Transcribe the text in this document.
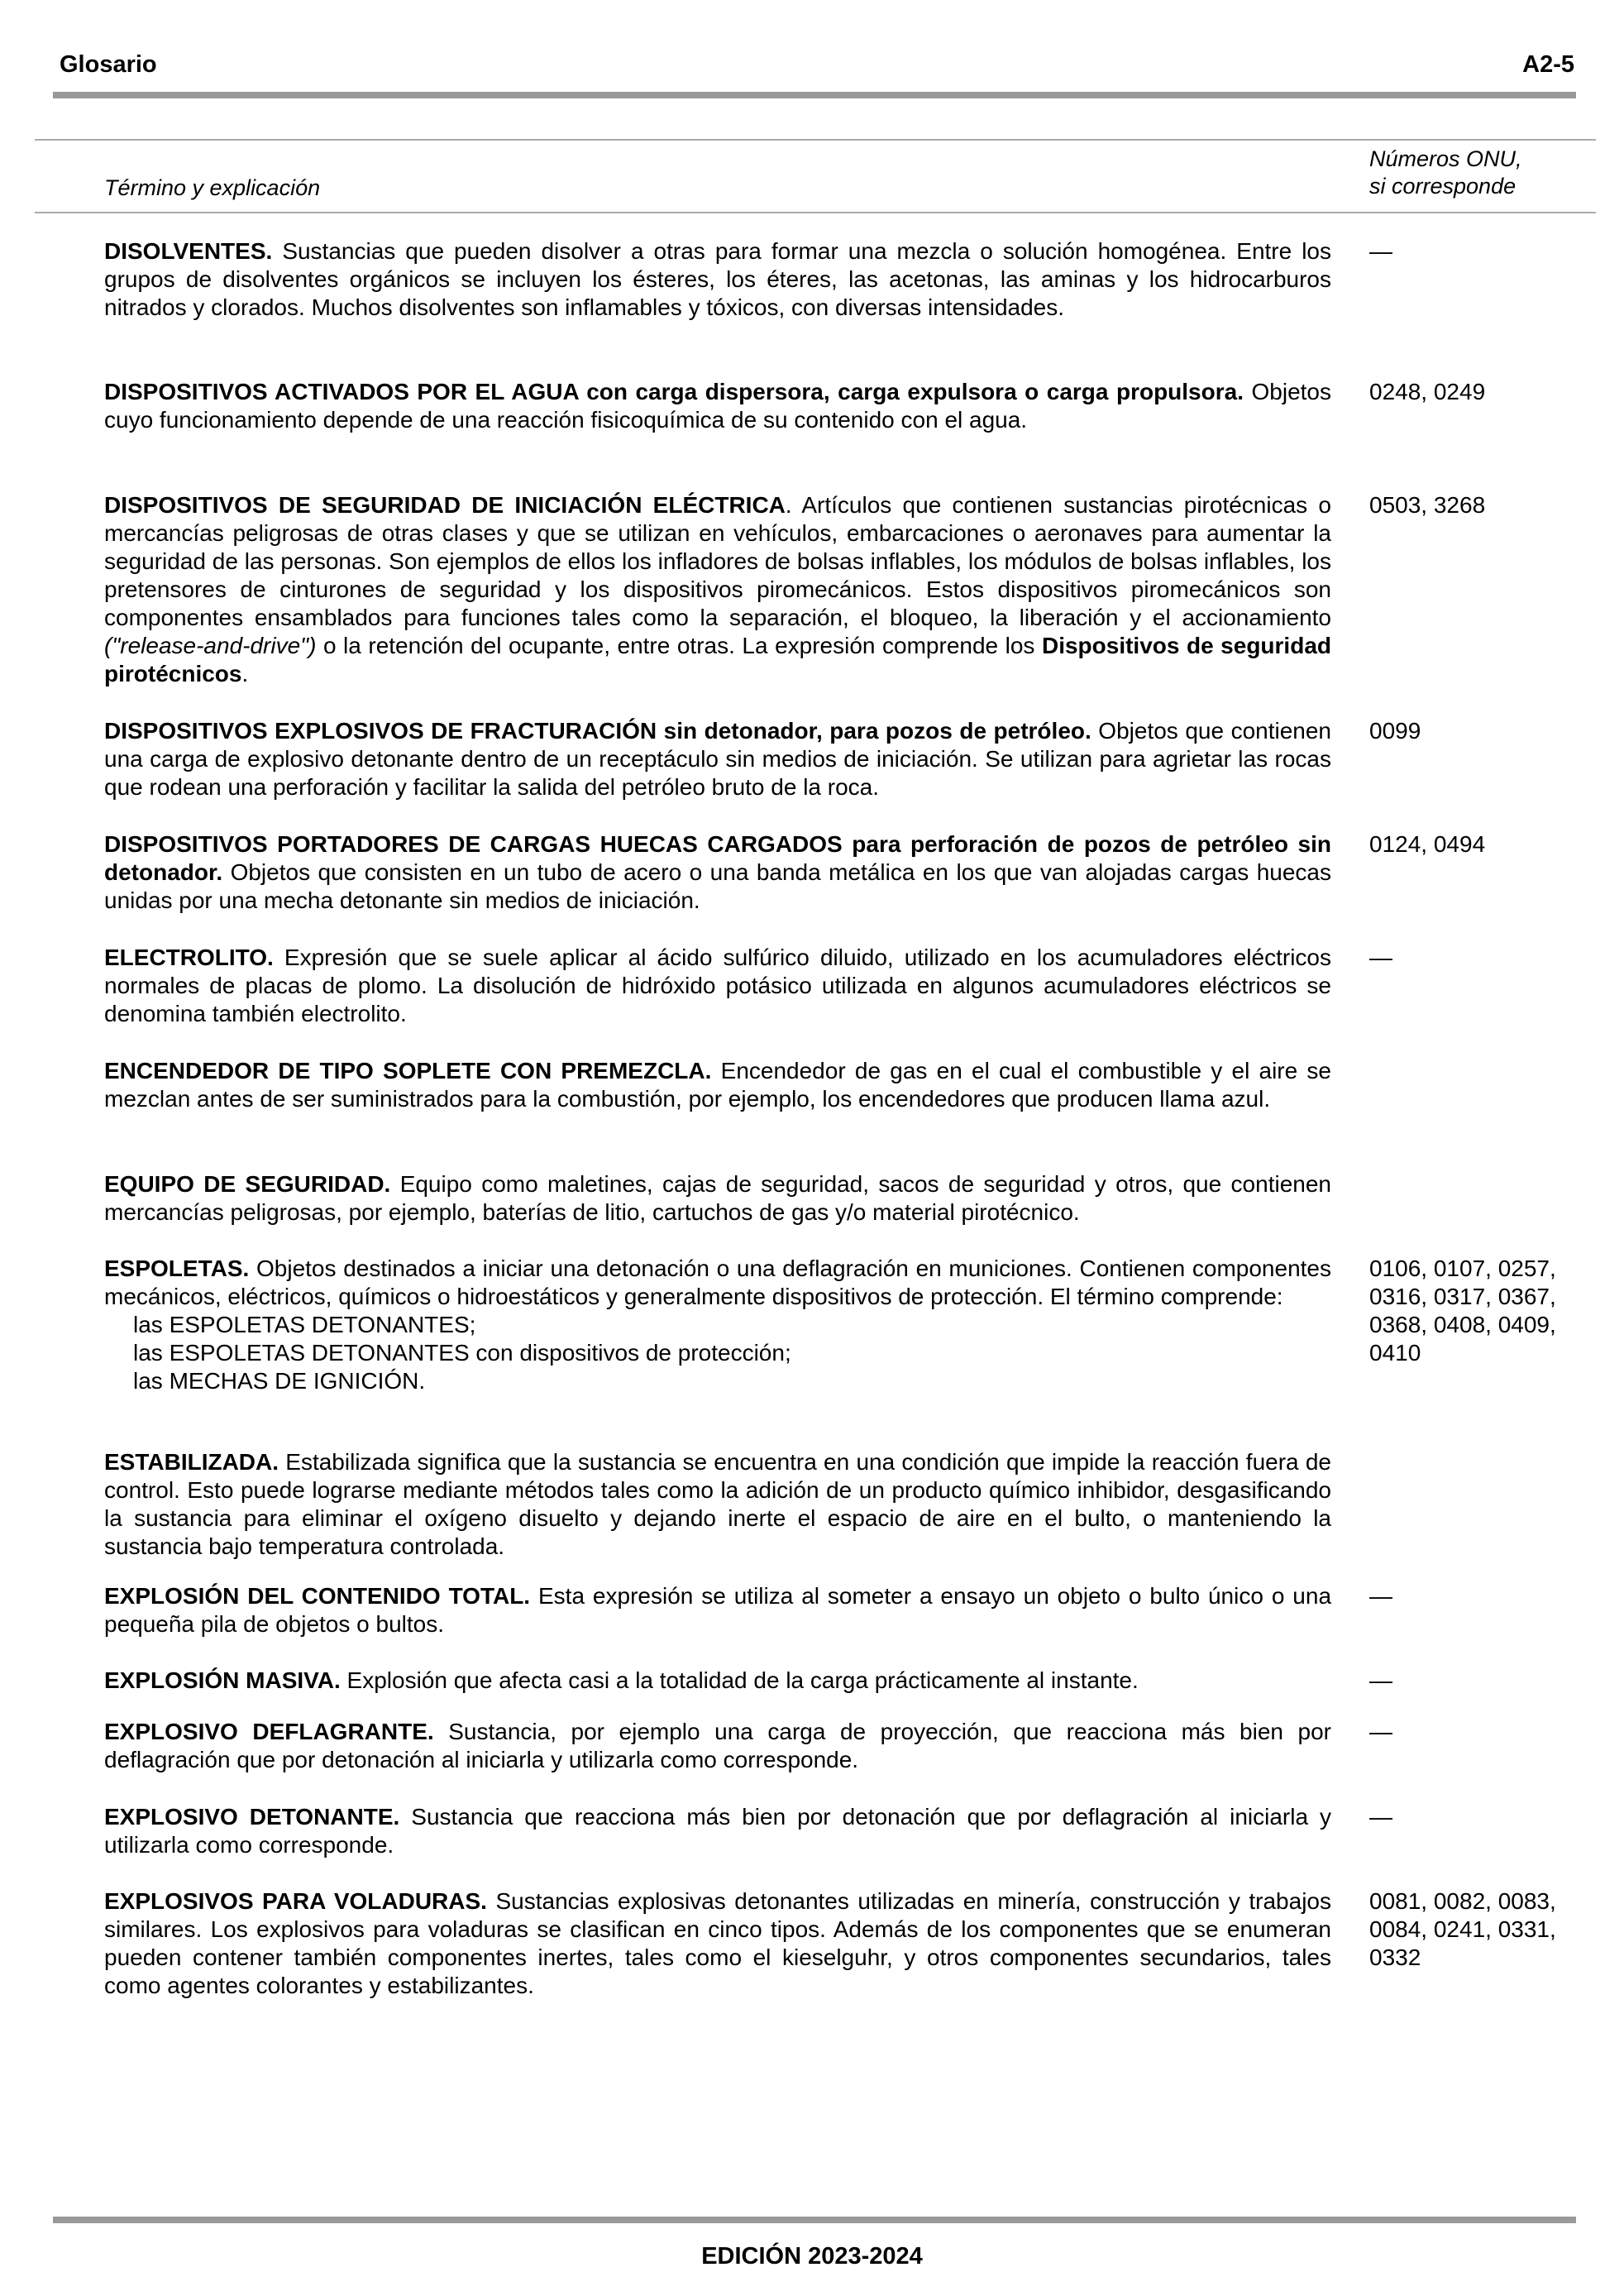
Glosario	A2-5
Término y explicación
Números ONU,
si corresponde
DISOLVENTES. Sustancias que pueden disolver a otras para formar una mezcla o solución homogénea. Entre los grupos de disolventes orgánicos se incluyen los ésteres, los éteres, las acetonas, las aminas y los hidrocarburos nitrados y clorados. Muchos disolventes son inflamables y tóxicos, con diversas intensidades.
—
DISPOSITIVOS ACTIVADOS POR EL AGUA con carga dispersora, carga expulsora o carga propulsora. Objetos cuyo funcionamiento depende de una reacción fisicoquímica de su contenido con el agua.
0248, 0249
DISPOSITIVOS DE SEGURIDAD DE INICIACIÓN ELÉCTRICA. Artículos que contienen sustancias pirotécnicas o mercancías peligrosas de otras clases y que se utilizan en vehículos, embarcaciones o aeronaves para aumentar la seguridad de las personas. Son ejemplos de ellos los infladores de bolsas inflables, los módulos de bolsas inflables, los pretensores de cinturones de seguridad y los dispositivos piromecánicos. Estos dispositivos piromecánicos son componentes ensamblados para funciones tales como la separación, el bloqueo, la liberación y el accionamiento ("release-and-drive") o la retención del ocupante, entre otras. La expresión comprende los Dispositivos de seguridad pirotécnicos.
0503, 3268
DISPOSITIVOS EXPLOSIVOS DE FRACTURACIÓN sin detonador, para pozos de petróleo. Objetos que contienen una carga de explosivo detonante dentro de un receptáculo sin medios de iniciación. Se utilizan para agrietar las rocas que rodean una perforación y facilitar la salida del petróleo bruto de la roca.
0099
DISPOSITIVOS PORTADORES DE CARGAS HUECAS CARGADOS para perforación de pozos de petróleo sin detonador. Objetos que consisten en un tubo de acero o una banda metálica en los que van alojadas cargas huecas unidas por una mecha detonante sin medios de iniciación.
0124, 0494
ELECTROLITO. Expresión que se suele aplicar al ácido sulfúrico diluido, utilizado en los acumuladores eléctricos normales de placas de plomo. La disolución de hidróxido potásico utilizada en algunos acumuladores eléctricos se denomina también electrolito.
—
ENCENDEDOR DE TIPO SOPLETE CON PREMEZCLA. Encendedor de gas en el cual el combustible y el aire se mezclan antes de ser suministrados para la combustión, por ejemplo, los encendedores que producen llama azul.
EQUIPO DE SEGURIDAD. Equipo como maletines, cajas de seguridad, sacos de seguridad y otros, que contienen mercancías peligrosas, por ejemplo, baterías de litio, cartuchos de gas y/o material pirotécnico.
ESPOLETAS. Objetos destinados a iniciar una detonación o una deflagración en municiones. Contienen componentes mecánicos, eléctricos, químicos o hidroestáticos y generalmente dispositivos de protección. El término comprende:
las ESPOLETAS DETONANTES;
las ESPOLETAS DETONANTES con dispositivos de protección;
las MECHAS DE IGNICIÓN.
0106, 0107, 0257, 0316, 0317, 0367, 0368, 0408, 0409, 0410
ESTABILIZADA. Estabilizada significa que la sustancia se encuentra en una condición que impide la reacción fuera de control. Esto puede lograrse mediante métodos tales como la adición de un producto químico inhibidor, desgasificando la sustancia para eliminar el oxígeno disuelto y dejando inerte el espacio de aire en el bulto, o manteniendo la sustancia bajo temperatura controlada.
EXPLOSIÓN DEL CONTENIDO TOTAL. Esta expresión se utiliza al someter a ensayo un objeto o bulto único o una pequeña pila de objetos o bultos.
—
EXPLOSIÓN MASIVA. Explosión que afecta casi a la totalidad de la carga prácticamente al instante.	—
EXPLOSIVO DEFLAGRANTE. Sustancia, por ejemplo una carga de proyección, que reacciona más bien por deflagración que por detonación al iniciarla y utilizarla como corresponde.
—
EXPLOSIVO DETONANTE. Sustancia que reacciona más bien por detonación que por deflagración al iniciarla y utilizarla como corresponde.
—
EXPLOSIVOS PARA VOLADURAS. Sustancias explosivas detonantes utilizadas en minería, construcción y trabajos similares. Los explosivos para voladuras se clasifican en cinco tipos. Además de los componentes que se enumeran pueden contener también componentes inertes, tales como el kieselguhr, y otros componentes secundarios, tales como agentes colorantes y estabilizantes.
0081, 0082, 0083, 0084, 0241, 0331, 0332
EDICIÓN 2023-2024
